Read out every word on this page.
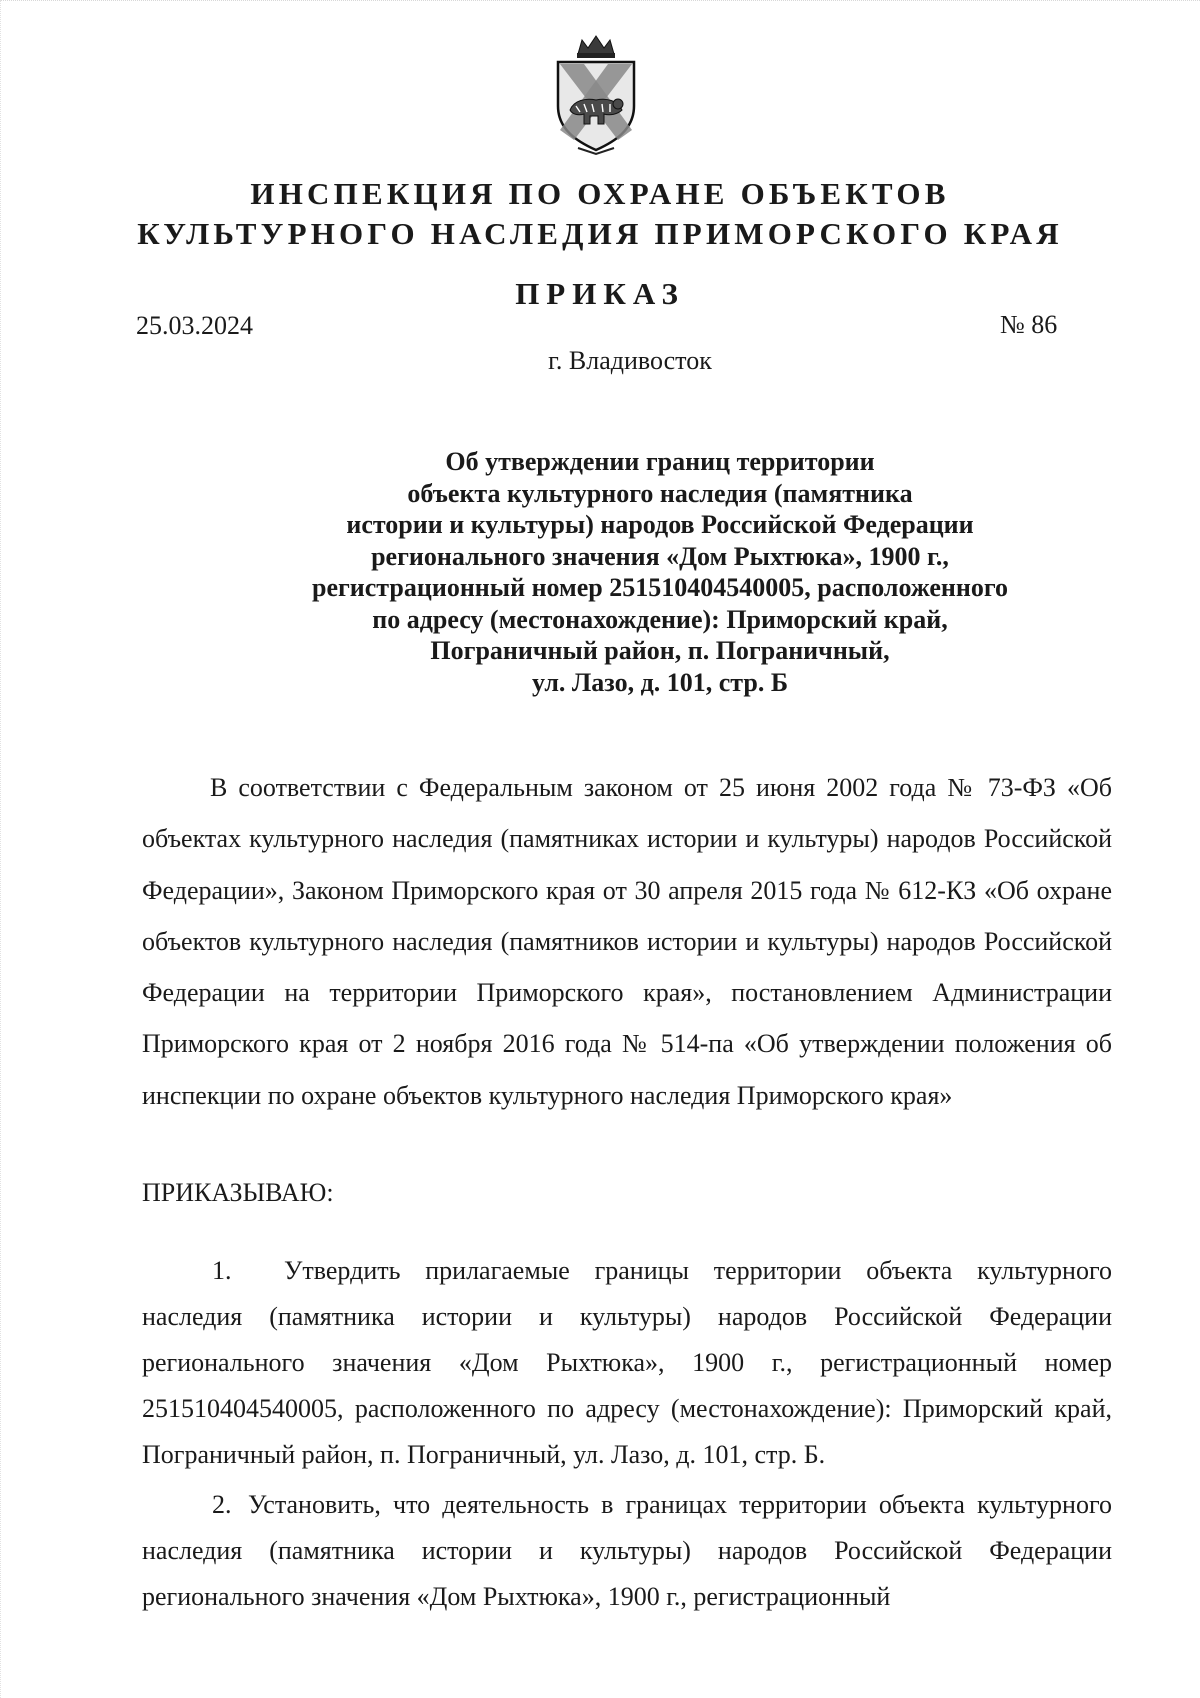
ИНСПЕКЦИЯ ПО ОХРАНЕ ОБЪЕКТОВ
КУЛЬТУРНОГО НАСЛЕДИЯ ПРИМОРСКОГО КРАЯ
ПРИКАЗ
25.03.2024	№ 86
г. Владивосток
Об утверждении границ территории
объекта культурного наследия (памятника
истории и культуры) народов Российской Федерации
регионального значения «Дом Рыхтюка», 1900 г.,
регистрационный номер 251510404540005, расположенного
по адресу (местонахождение): Приморский край,
Пограничный район, п. Пограничный,
ул. Лазо, д. 101, стр. Б
В соответствии с Федеральным законом от 25 июня 2002 года № 73-ФЗ «Об объектах культурного наследия (памятниках истории и культуры) народов Российской Федерации», Законом Приморского края от 30 апреля 2015 года № 612-КЗ «Об охране объектов культурного наследия (памятников истории и культуры) народов Российской Федерации на территории Приморского края», постановлением Администрации Приморского края от 2 ноября 2016 года № 514-па «Об утверждении положения об инспекции по охране объектов культурного наследия Приморского края»
ПРИКАЗЫВАЮ:
1. Утвердить прилагаемые границы территории объекта культурного наследия (памятника истории и культуры) народов Российской Федерации регионального значения «Дом Рыхтюка», 1900 г., регистрационный номер 251510404540005, расположенного по адресу (местонахождение): Приморский край, Пограничный район, п. Пограничный, ул. Лазо, д. 101, стр. Б.
2. Установить, что деятельность в границах территории объекта культурного наследия (памятника истории и культуры) народов Российской Федерации регионального значения «Дом Рыхтюка», 1900 г., регистрационный
